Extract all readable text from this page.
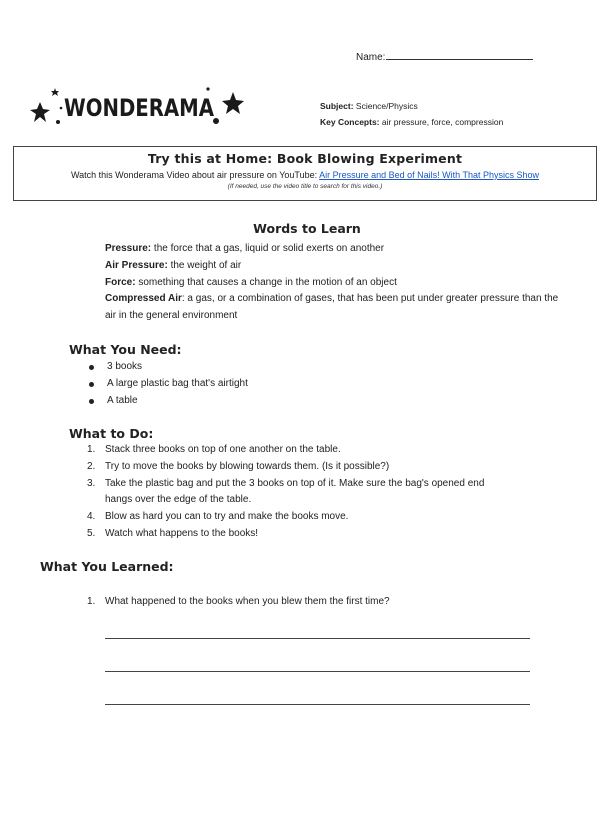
Name:
WONDERAMA	Subject: Science/Physics
Key Concepts: air pressure, force, compression
Try this at Home: Book Blowing Experiment
Watch this Wonderama Video about air pressure on YouTube: Air Pressure and Bed of Nails! With That Physics Show
(If needed, use the video title to search for this video.)
Words to Learn
Pressure: the force that a gas, liquid or solid exerts on another
Air Pressure: the weight of air
Force: something that causes a change in the motion of an object
Compressed Air: a gas, or a combination of gases, that has been put under greater pressure than the air in the general environment
What You Need:
3 books
A large plastic bag that's airtight
A table
What to Do:
1. Stack three books on top of one another on the table.
2. Try to move the books by blowing towards them. (Is it possible?)
3. Take the plastic bag and put the 3 books on top of it. Make sure the bag's opened end hangs over the edge of the table.
4. Blow as hard you can to try and make the books move.
5. Watch what happens to the books!
What You Learned:
1. What happened to the books when you blew them the first time?
